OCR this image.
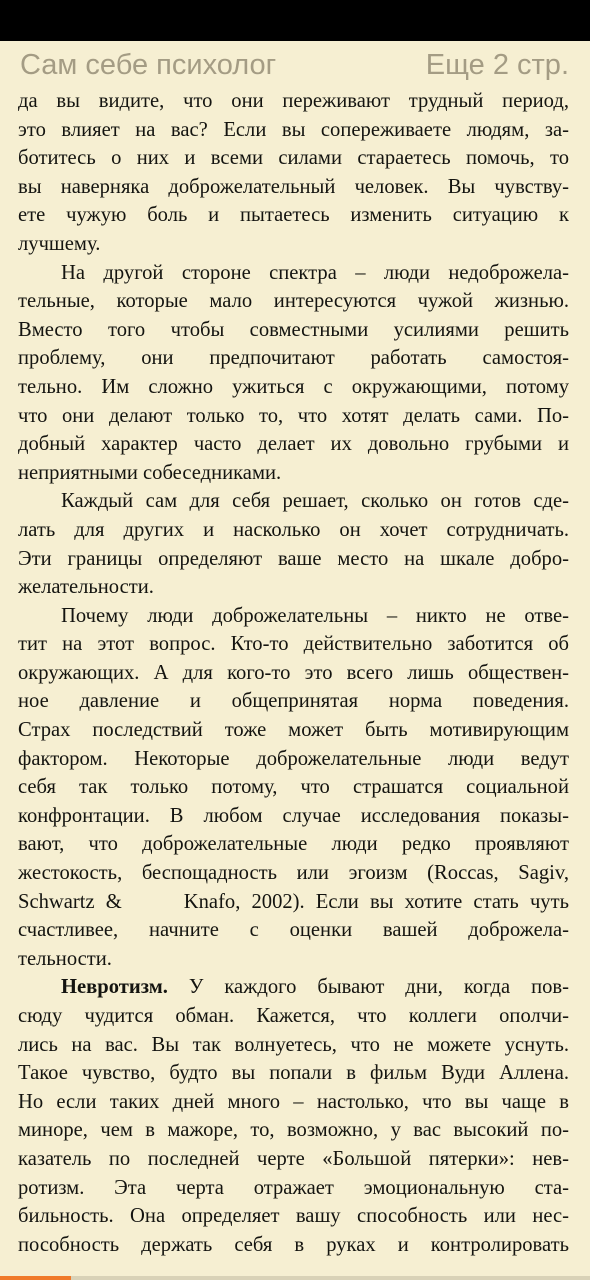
Сам себе психолог	Еще 2 стр.
да вы видите, что они переживают трудный период,
это влияет на вас? Если вы сопереживаете людям, за-
ботитесь о них и всеми силами стараетесь помочь, то
вы наверняка доброжелательный человек. Вы чувству-
ете чужую боль и пытаетесь изменить ситуацию к
лучшему.
На другой стороне спектра – люди недоброжела-
тельные, которые мало интересуются чужой жизнью.
Вместо того чтобы совместными усилиями решить
проблему, они предпочитают работать самостоя-
тельно. Им сложно ужиться с окружающими, потому
что они делают только то, что хотят делать сами. По-
добный характер часто делает их довольно грубыми и
неприятными собеседниками.
Каждый сам для себя решает, сколько он готов сде-
лать для других и насколько он хочет сотрудничать.
Эти границы определяют ваше место на шкале добро-
желательности.
Почему люди доброжелательны – никто не отве-
тит на этот вопрос. Кто-то действительно заботится об
окружающих. А для кого-то это всего лишь обществен-
ное давление и общепринятая норма поведения.
Страх последствий тоже может быть мотивирующим
фактором. Некоторые доброжелательные люди ведут
себя так только потому, что страшатся социальной
конфронтации. В любом случае исследования показы-
вают, что доброжелательные люди редко проявляют
жестокость, беспощадность или эгоизм (Roccas, Sagiv,
Schwartz &	Knafo, 2002). Если вы хотите стать чуть
счастливее, начните с оценки вашей доброжела-
тельности.
Невротизм. У каждого бывают дни, когда пов-
сюду чудится обман. Кажется, что коллеги ополчи-
лись на вас. Вы так волнуетесь, что не можете уснуть.
Такое чувство, будто вы попали в фильм Вуди Аллена.
Но если таких дней много – настолько, что вы чаще в
миноре, чем в мажоре, то, возможно, у вас высокий по-
казатель по последней черте «Большой пятерки»: нев-
ротизм. Эта черта отражает эмоциональную ста-
бильность. Она определяет вашу способность или нес-
пособность держать себя в руках и контролировать
